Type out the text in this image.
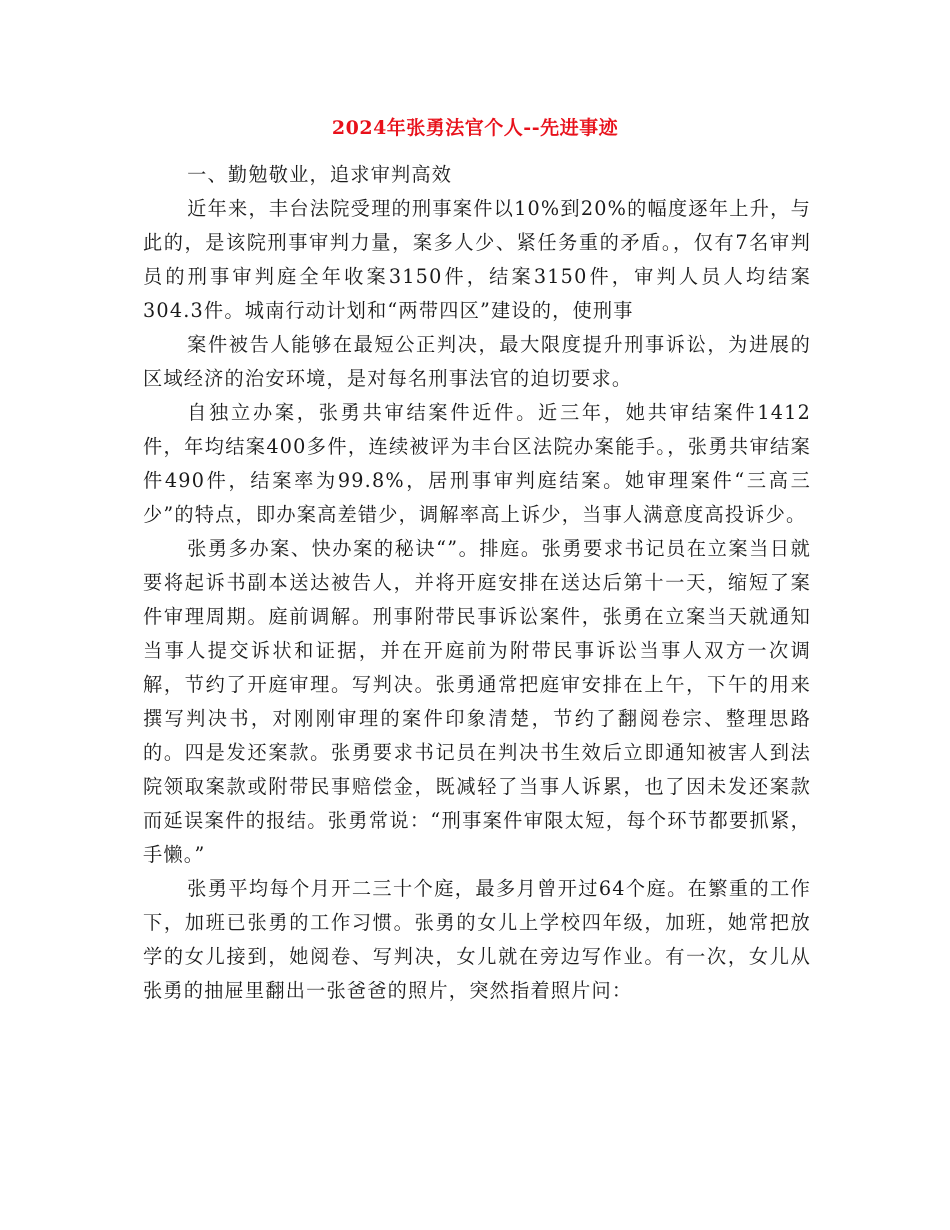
2024年张勇法官个人--先进事迹

一、勤勉敬业，追求审判高效

近年来，丰台法院受理的刑事案件以10%到20%的幅度逐年上升，与此的，是该院刑事审判力量，案多人少、紧任务重的矛盾。，仅有7名审判员的刑事审判庭全年收案3150件，结案3150件，审判人员人均结案304.3件。城南行动计划和“两带四区”建设的，使刑事

案件被告人能够在最短公正判决，最大限度提升刑事诉讼，为进展的区域经济的治安环境，是对每名刑事法官的迫切要求。

自独立办案，张勇共审结案件近件。近三年，她共审结案件1412件，年均结案400多件，连续被评为丰台区法院办案能手。，张勇共审结案件490件，结案率为99.8%，居刑事审判庭结案。她审理案件“三高三少”的特点，即办案高差错少，调解率高上诉少，当事人满意度高投诉少。

张勇多办案、快办案的秘诀“”。排庭。张勇要求书记员在立案当日就要将起诉书副本送达被告人，并将开庭安排在送达后第十一天，缩短了案件审理周期。庭前调解。刑事附带民事诉讼案件，张勇在立案当天就通知当事人提交诉状和证据，并在开庭前为附带民事诉讼当事人双方一次调解，节约了开庭审理。写判决。张勇通常把庭审安排在上午，下午的用来撰写判决书，对刚刚审理的案件印象清楚，节约了翻阅卷宗、整理思路的。四是发还案款。张勇要求书记员在判决书生效后立即通知被害人到法院领取案款或附带民事赔偿金，既减轻了当事人诉累，也了因未发还案款而延误案件的报结。张勇常说：“刑事案件审限太短，每个环节都要抓紧，手懒。”

张勇平均每个月开二三十个庭，最多月曾开过64个庭。在繁重的工作下，加班已张勇的工作习惯。张勇的女儿上学校四年级，加班，她常把放学的女儿接到，她阅卷、写判决，女儿就在旁边写作业。有一次，女儿从张勇的抽屉里翻出一张爸爸的照片，突然指着照片问：
